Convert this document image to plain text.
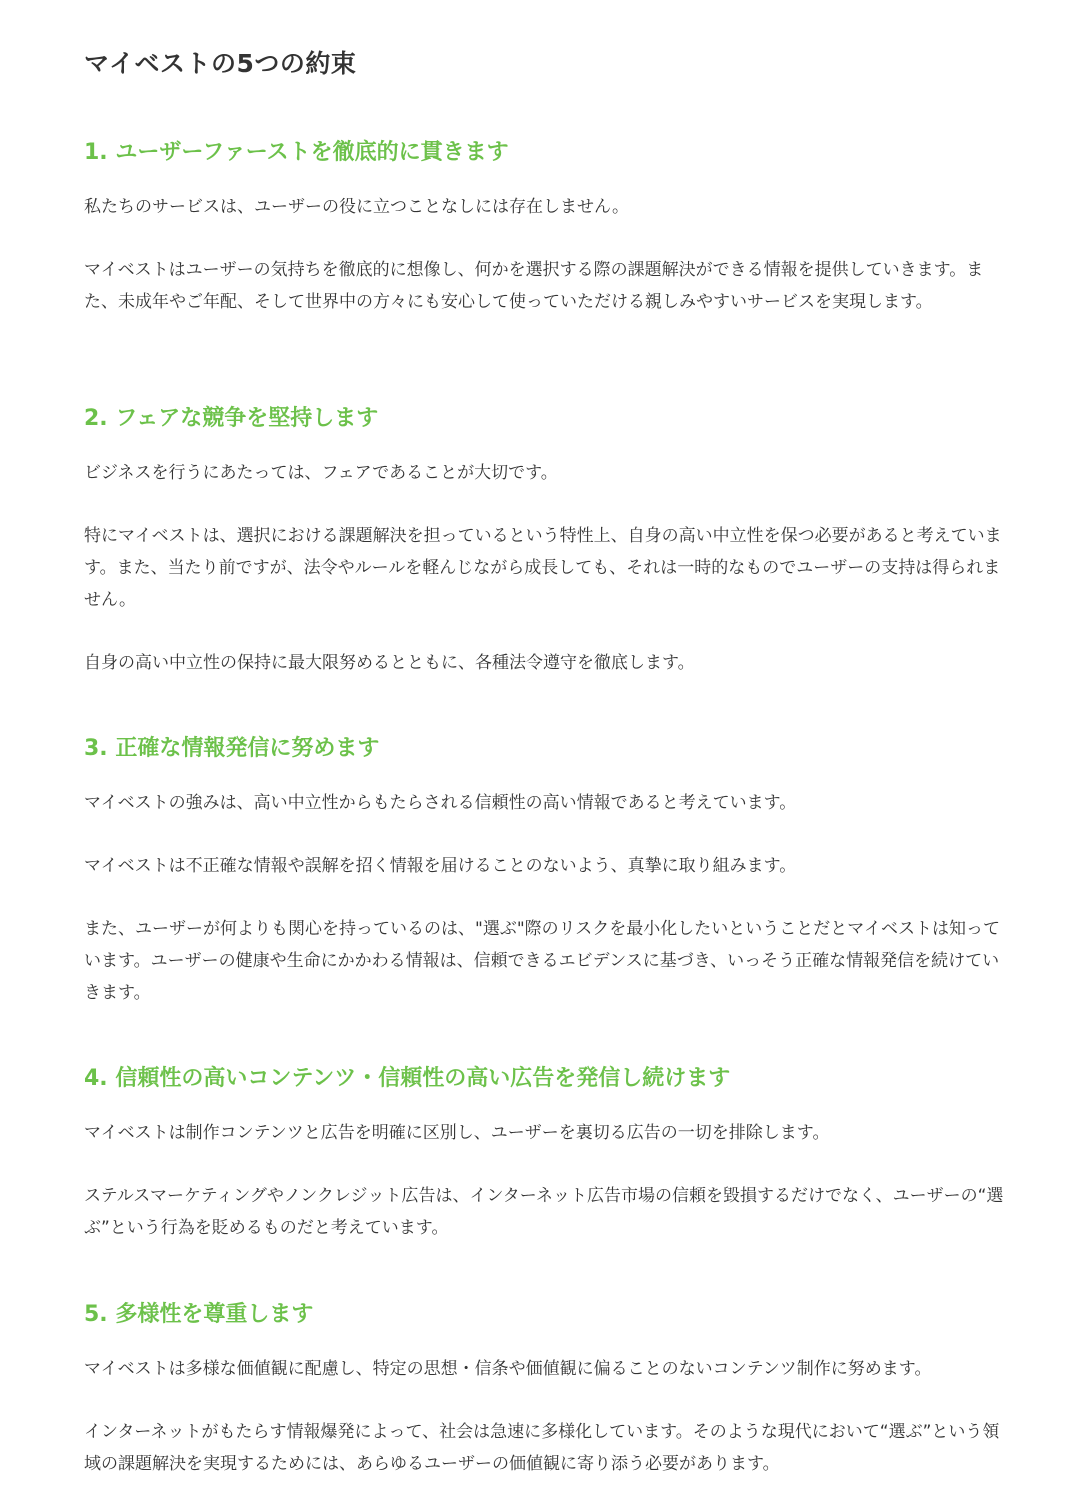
マイベストの5つの約束
1. ユーザーファーストを徹底的に貫きます

私たちのサービスは、ユーザーの役に立つことなしには存在しません。

マイベストはユーザーの気持ちを徹底的に想像し、何かを選択する際の課題解決ができる情報を提供していきます。また、未成年やご年配、そして世界中の方々にも安心して使っていただける親しみやすいサービスを実現します。

2. フェアな競争を堅持します

ビジネスを行うにあたっては、フェアであることが大切です。

特にマイベストは、選択における課題解決を担っているという特性上、自身の高い中立性を保つ必要があると考えています。また、当たり前ですが、法令やルールを軽んじながら成長しても、それは一時的なものでユーザーの支持は得られません。

自身の高い中立性の保持に最大限努めるとともに、各種法令遵守を徹底します。

3. 正確な情報発信に努めます

マイベストの強みは、高い中立性からもたらされる信頼性の高い情報であると考えています。

マイベストは不正確な情報や誤解を招く情報を届けることのないよう、真摯に取り組みます。

また、ユーザーが何よりも関心を持っているのは、"選ぶ"際のリスクを最小化したいということだとマイベストは知っています。ユーザーの健康や生命にかかわる情報は、信頼できるエビデンスに基づき、いっそう正確な情報発信を続けていきます。

4. 信頼性の高いコンテンツ・信頼性の高い広告を発信し続けます

マイベストは制作コンテンツと広告を明確に区別し、ユーザーを裏切る広告の一切を排除します。

ステルスマーケティングやノンクレジット広告は、インターネット広告市場の信頼を毀損するだけでなく、ユーザーの“選ぶ”という行為を貶めるものだと考えています。

5. 多様性を尊重します

マイベストは多様な価値観に配慮し、特定の思想・信条や価値観に偏ることのないコンテンツ制作に努めます。

インターネットがもたらす情報爆発によって、社会は急速に多様化しています。そのような現代において“選ぶ”という領域の課題解決を実現するためには、あらゆるユーザーの価値観に寄り添う必要があります。
